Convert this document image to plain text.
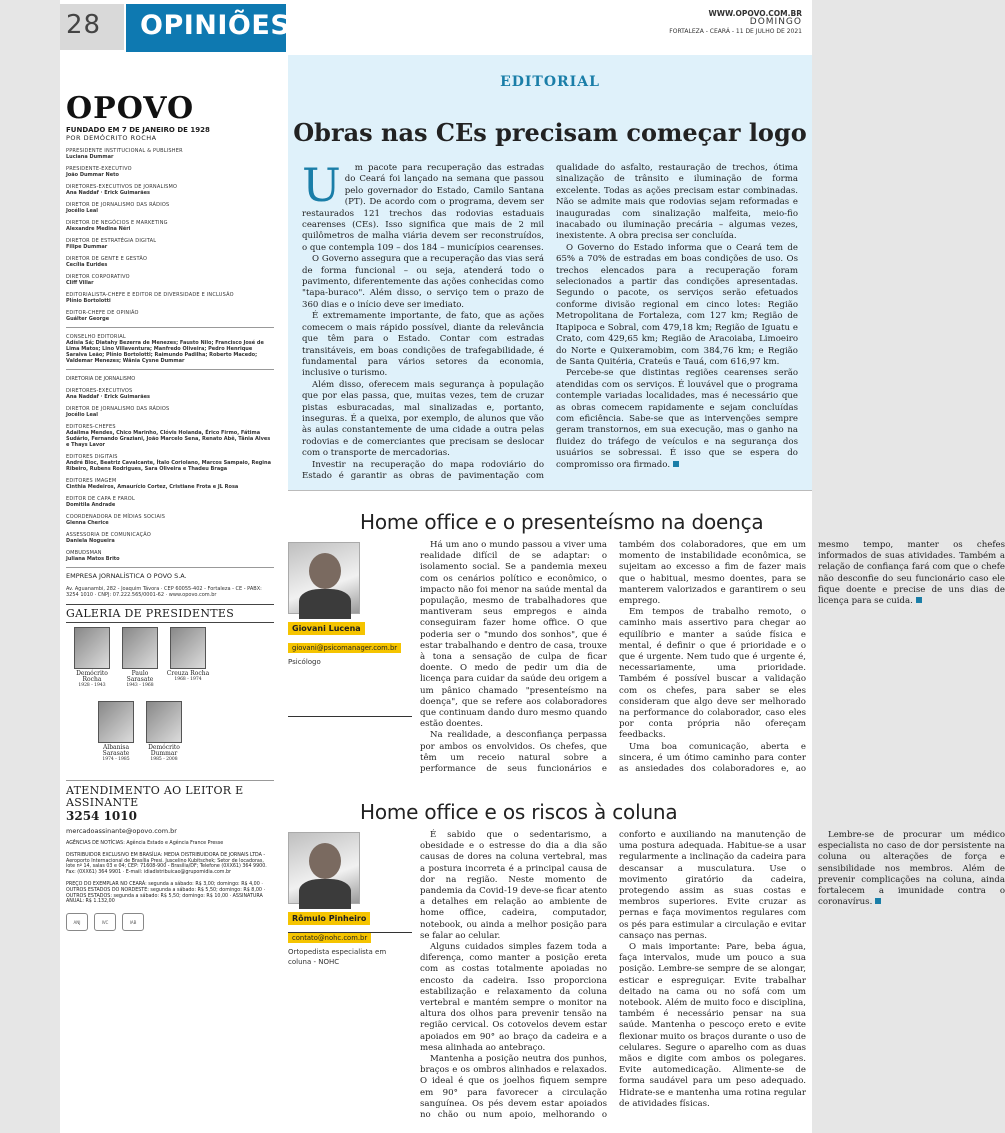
28	OPINIÕES	WWW.OPOVO.COM.BR
DOMINGO
FORTALEZA - CEARÁ - 11 DE JULHO DE 2021
OPOVO
FUNDADO EM 7 DE JANEIRO DE 1928
POR DEMÓCRITO ROCHA
PPRESIDENTE INSTITUCIONAL & PUBLISHER
Luciana Dummar
PRESIDENTE-EXECUTIVO
João Dummar Neto
DIRETORES-EXECUTIVOS DE JORNALISMO
Ana Naddaf · Erick Guimarães
DIRETOR DE JORNALISMO DAS RÁDIOS
Jocélio Leal
DIRETOR DE NEGÓCIOS E MARKETING
Alexandre Medina Néri
DIRETOR DE ESTRATÉGIA DIGITAL
Filipe Dummar
DIRETOR DE GENTE E GESTÃO
Cecília Eurides
DIRETOR CORPORATIVO
Cliff Villar
EDITORIALISTA-CHEFE E EDITOR DE DIVERSIDADE E INCLUSÃO
Plínio Bortolotti
EDITOR-CHEFE DE OPINIÃO
Guálter George
CONSELHO EDITORIAL
Adísia Sá; Diatahy Bezerra de Menezes; Fausto Nilo; Francisco José de Lima Matos; Lino Villaventura; Manfredo Oliveira; Pedro Henrique Saraiva Leão; Plínio Bortolotti; Raimundo Padilha; Roberto Macedo; Valdemar Menezes; Wânia Cysne Dummar
DIRETORIA DE JORNALISMO
DIRETORES-EXECUTIVOS
Ana Naddaf · Erick Guimarães
DIRETOR DE JORNALISMO DAS RÁDIOS
Jocélio Leal
EDITORES-CHEFES
Adailma Mendes, Chico Marinho, Clóvis Holanda, Érico Firmo, Fátima Sudário, Fernando Graziani, João Marcelo Sena, Renato Abê, Tânia Alves e Thays Lavor
EDITORES DIGITAIS
André Bloc, Beatriz Cavalcante, Ítalo Coriolano, Marcos Sampaio, Regina Ribeiro, Rubens Rodrigues, Sara Oliveira e Thadeu Braga
EDITORES IMAGEM
Cinthia Medeiros, Amaurício Cortez, Cristiane Frota e JL Rosa
EDITOR DE CAPA E FAROL
Domitila Andrade
COORDENADORA DE MÍDIAS SOCIAIS
Glenna Cherice
ASSESSORIA DE COMUNICAÇÃO
Daniela Nogueira
OMBUDSMAN
Juliana Matos Brito
EMPRESA JORNALÍSTICA O POVO S.A.
Av. Aguanambi, 282 - Joaquim Távora · CEP 60055-402 - Fortaleza - CE - PABX: 3254 1010 · CNPJ: 07.222.565/0001-62 · www.opovo.com.br
GALERIA DE PRESIDENTES
Demócrito Rocha
1928 - 1943
Paulo Sarasate
1943 - 1968
Creuza Rocha
1968 - 1974
Albanisa Sarasate
1974 - 1985
Demócrito Dummar
1985 - 2008
ATENDIMENTO AO LEITOR E ASSINANTE
3254 1010
mercadoassinante@opovo.com.br
AGÊNCIAS DE NOTÍCIAS: Agência Estado e Agência France Presse
DISTRIBUIDOR EXCLUSIVO EM BRASÍLIA: MEDIA DISTRIBUIDORA DE JORNAIS LTDA - Aeroporto Internacional de Brasília Presi. Juscelino Kubitschek; Setor de locadoras, lote nº 14, salas 03 e 04; CEP: 71608-900 - Brasília/DF; Telefone (0XX61) 364 9900. Fax: (0XX61) 364 9901 · E-mail: idiadistribuicao@grupomidia.com.br
PREÇO DO EXEMPLAR NO CEARÁ: segunda a sábado: R$ 3,00; domingo: R$ 4,00 · OUTROS ESTADOS DO NORDESTE: segunda a sábado: R$ 5,50; domingo: R$ 8,00 · OUTROS ESTADOS: segunda a sábado: R$ 5,50; domingo: R$ 10,00 · ASSINATURA ANUAL: R$ 1.132,00
ANJ	IVC	IAB
EDITORIAL
Obras nas CEs precisam começar logo

U m pacote para recuperação das estradas do Ceará foi lançado na semana que passou pelo governador do Estado, Camilo Santana (PT). De acordo com o programa, devem ser restaurados 121 trechos das rodovias estaduais cearenses (CEs). Isso significa que mais de 2 mil quilômetros de malha viária devem ser reconstruídos, o que contempla 109 – dos 184 – municípios cearenses.

O Governo assegura que a recuperação das vias será de forma funcional – ou seja, atenderá todo o pavimento, diferentemente das ações conhecidas como "tapa-buraco". Além disso, o serviço tem o prazo de 360 dias e o início deve ser imediato.

É extremamente importante, de fato, que as ações comecem o mais rápido possível, diante da relevância que têm para o Estado. Contar com estradas transitáveis, em boas condições de trafegabilidade, é fundamental para vários setores da economia, inclusive o turismo.

Além disso, oferecem mais segurança à população que por elas passa, que, muitas vezes, tem de cruzar pistas esburacadas, mal sinalizadas e, portanto, inseguras. É a queixa, por exemplo, de alunos que vão às aulas constantemente de uma cidade a outra pelas rodovias e de comerciantes que precisam se deslocar com o transporte de mercadorias.

Investir na recuperação do mapa rodoviário do Estado é garantir as obras de pavimentação com qualidade do asfalto, restauração de trechos, ótima sinalização de trânsito e iluminação de forma excelente. Todas as ações precisam estar combinadas. Não se admite mais que rodovias sejam reformadas e inauguradas com sinalização malfeita, meio-fio inacabado ou iluminação precária – algumas vezes, inexistente. A obra precisa ser concluída.

O Governo do Estado informa que o Ceará tem de 65% a 70% de estradas em boas condições de uso. Os trechos elencados para a recuperação foram selecionados a partir das condições apresentadas. Segundo o pacote, os serviços serão efetuados conforme divisão regional em cinco lotes: Região Metropolitana de Fortaleza, com 127 km; Região de Itapipoca e Sobral, com 479,18 km; Região de Iguatu e Crato, com 429,65 km; Região de Aracoiaba, Limoeiro do Norte e Quixeramobim, com 384,76 km; e Região de Santa Quitéria, Crateús e Tauá, com 616,97 km.

Percebe-se que distintas regiões cearenses serão atendidas com os serviços. É louvável que o programa contemple variadas localidades, mas é necessário que as obras comecem rapidamente e sejam concluídas com eficiência. Sabe-se que as intervenções sempre geram transtornos, em sua execução, mas o ganho na fluidez do tráfego de veículos e na segurança dos usuários se sobressai. É isso que se espera do compromisso ora firmado.

Home office e o presenteísmo na doença
Giovani Lucena
giovani@psicomanager.com.br
Psicólogo

Há um ano o mundo passou a viver uma realidade difícil de se adaptar: o isolamento social. Se a pandemia mexeu com os cenários político e econômico, o impacto não foi menor na saúde mental da população, mesmo de trabalhadores que mantiveram seus empregos e ainda conseguiram fazer home office. O que poderia ser o "mundo dos sonhos", que é estar trabalhando e dentro de casa, trouxe à tona a sensação de culpa de ficar doente. O medo de pedir um dia de licença para cuidar da saúde deu origem a um pânico chamado "presenteísmo na doença", que se refere aos colaboradores que continuam dando duro mesmo quando estão doentes.

Na realidade, a desconfiança perpassa por ambos os envolvidos. Os chefes, que têm um receio natural sobre a performance de seus funcionários e também dos colaboradores, que em um momento de instabilidade econômica, se sujeitam ao excesso a fim de fazer mais que o habitual, mesmo doentes, para se manterem valorizados e garantirem o seu emprego.

Em tempos de trabalho remoto, o caminho mais assertivo para chegar ao equilíbrio e manter a saúde física e mental, é definir o que é prioridade e o que é urgente. Nem tudo que é urgente é, necessariamente, uma prioridade. Também é possível buscar a validação com os chefes, para saber se eles consideram que algo deve ser melhorado na performance do colaborador, caso eles por conta própria não ofereçam feedbacks.

Uma boa comunicação, aberta e sincera, é um ótimo caminho para conter as ansiedades dos colaboradores e, ao mesmo tempo, manter os chefes informados de suas atividades. Também a relação de confiança fará com que o chefe não desconfie do seu funcionário caso ele fique doente e precise de uns dias de licença para se cuida.

Home office e os riscos à coluna
Rômulo Pinheiro
contato@nohc.com.br
Ortopedista especialista em coluna - NOHC

É sabido que o sedentarismo, a obesidade e o estresse do dia a dia são causas de dores na coluna vertebral, mas a postura incorreta é a principal causa de dor na região. Neste momento de pandemia da Covid-19 deve-se ficar atento a detalhes em relação ao ambiente de home office, cadeira, computador, notebook, ou ainda a melhor posição para se falar ao celular.

Alguns cuidados simples fazem toda a diferença, como manter a posição ereta com as costas totalmente apoiadas no encosto da cadeira. Isso proporciona estabilização e relaxamento da coluna vertebral e mantém sempre o monitor na altura dos olhos para prevenir tensão na região cervical. Os cotovelos devem estar apoiados em 90° ao braço da cadeira e a mesa alinhada ao antebraço.

Mantenha a posição neutra dos punhos, braços e os ombros alinhados e relaxados. O ideal é que os joelhos fiquem sempre em 90° para favorecer a circulação sanguínea. Os pés devem estar apoiados no chão ou num apoio, melhorando o conforto e auxiliando na manutenção de uma postura adequada. Habitue-se a usar regularmente a inclinação da cadeira para descansar a musculatura. Use o movimento giratório da cadeira, protegendo assim as suas costas e membros superiores. Evite cruzar as pernas e faça movimentos regulares com os pés para estimular a circulação e evitar cansaço nas pernas.

O mais importante: Pare, beba água, faça intervalos, mude um pouco a sua posição. Lembre-se sempre de se alongar, esticar e espreguiçar. Evite trabalhar deitado na cama ou no sofá com um notebook. Além de muito foco e disciplina, também é necessário pensar na sua saúde. Mantenha o pescoço ereto e evite flexionar muito os braços durante o uso de celulares. Segure o aparelho com as duas mãos e digite com ambos os polegares. Evite automedicação. Alimente-se de forma saudável para um peso adequado. Hidrate-se e mantenha uma rotina regular de atividades físicas.

Lembre-se de procurar um médico especialista no caso de dor persistente na coluna ou alterações de força e sensibilidade nos membros. Além de prevenir complicações na coluna, ainda fortalecem a imunidade contra o coronavírus.
